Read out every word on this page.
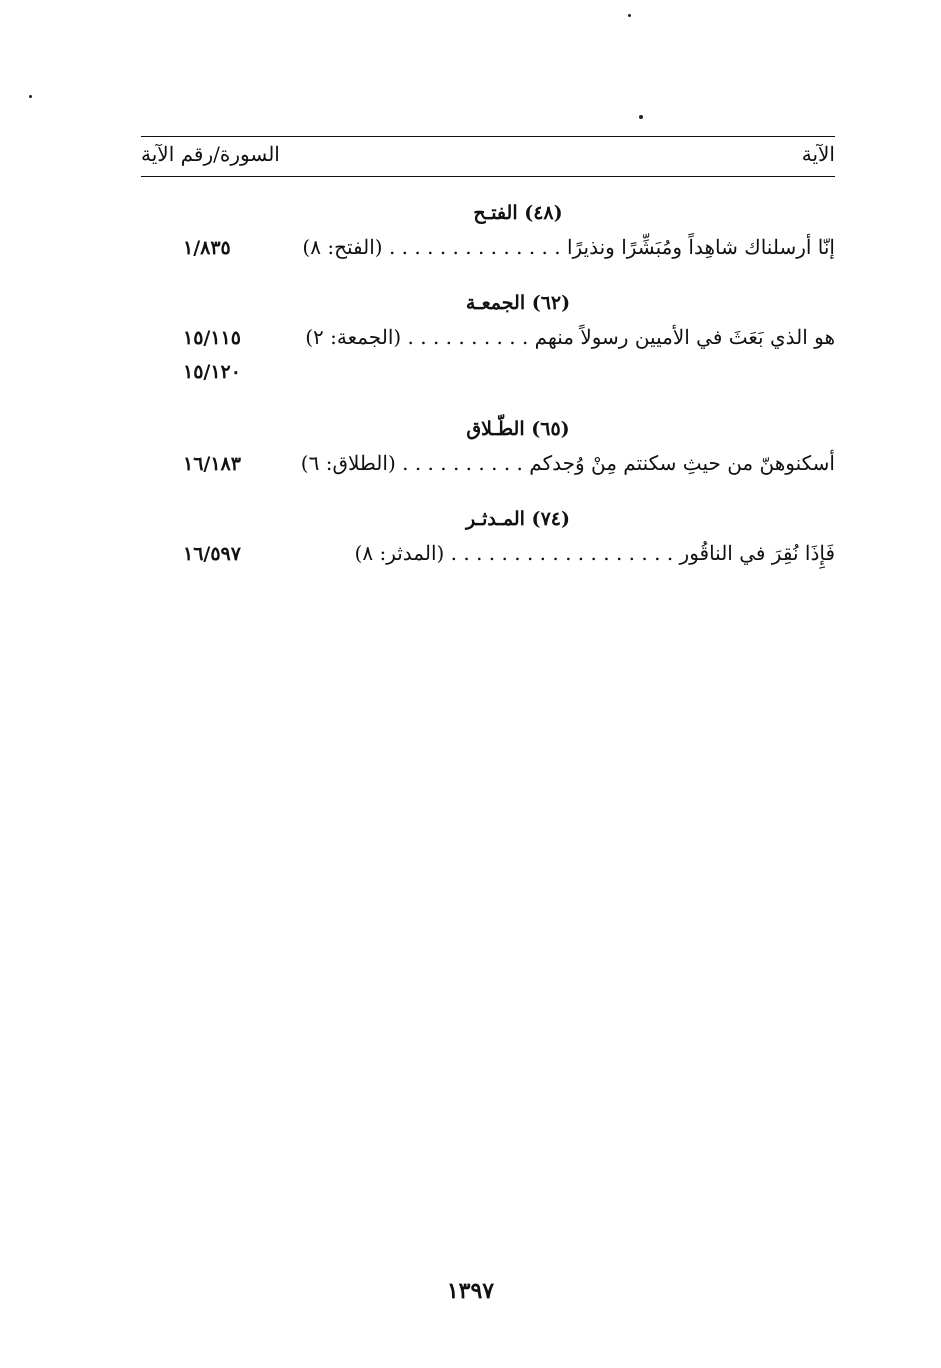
الآية
السورة/رقم الآية
(٤٨) الفتـح
إنّا أرسلناك شاهِداً ومُبَشِّرًا ونذيرًا . . . . . . . . . . . . . . (الفتح: ٨)
١/٨٣٥
(٦٢) الجمعـة
هو الذي بَعَثَ في الأميين رسولاً منهم . . . . . . . . . . (الجمعة: ٢)
١٥/١١٥
١٥/١٢٠
(٦٥) الطّـلاق
أسكنوهنّ من حيثِ سكنتم مِنْ وُجدكم . . . . . . . . . . (الطلاق: ٦)
١٦/١٨٣
(٧٤) المـدثـر
فَإِذَا نُقِرَ في الناقُور . . . . . . . . . . . . . . . . . . (المدثر: ٨)
١٦/٥٩٧
١٣٩٧
